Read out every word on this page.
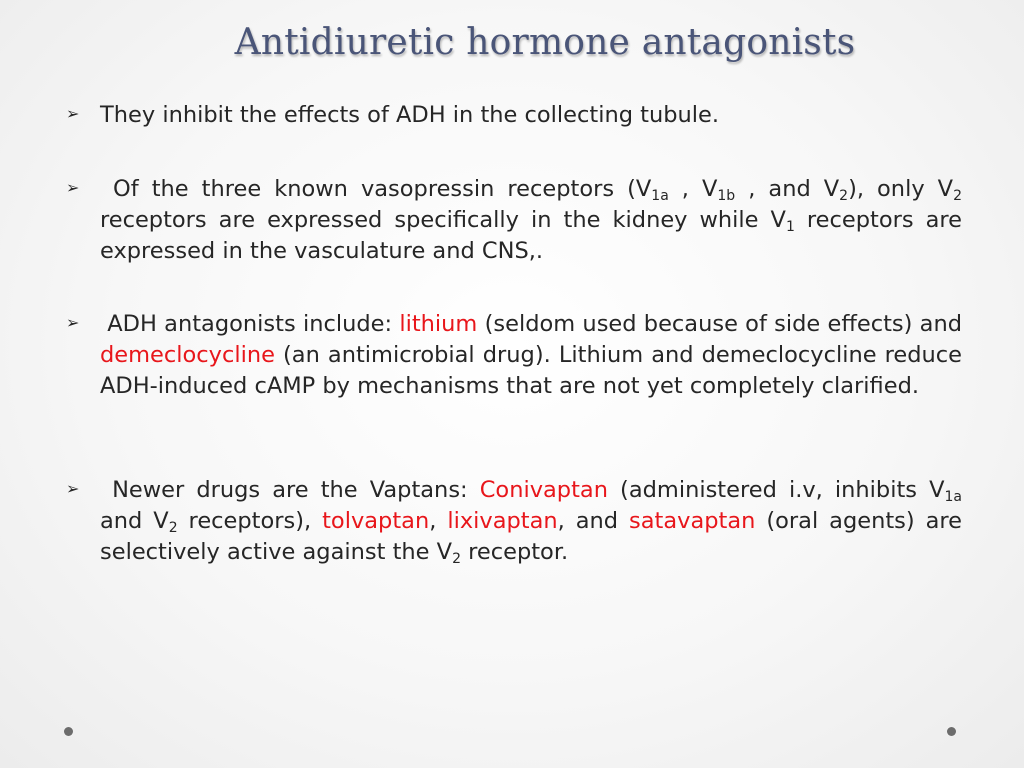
Antidiuretic hormone antagonists
➢ They inhibit the effects of ADH in the collecting tubule.
➢	Of the three known vasopressin receptors ($V_{1a}$ , $V_{1b}$ , and $V_2$), only $V_2$ receptors are expressed specifically in the kidney while $V_1$ receptors are expressed in the vasculature and CNS,.
➢	ADH antagonists include: lithium (seldom used because of side effects) and demeclocycline (an antimicrobial drug). Lithium and demeclocycline reduce ADH-induced cAMP by mechanisms that are not yet completely clarified.
➢	Newer drugs are the Vaptans: Conivaptan (administered i.v, inhibits $V_{1a}$ and $V_2$ receptors), tolvaptan, lixivaptan, and satavaptan (oral agents) are selectively active against the $V_2$ receptor.
